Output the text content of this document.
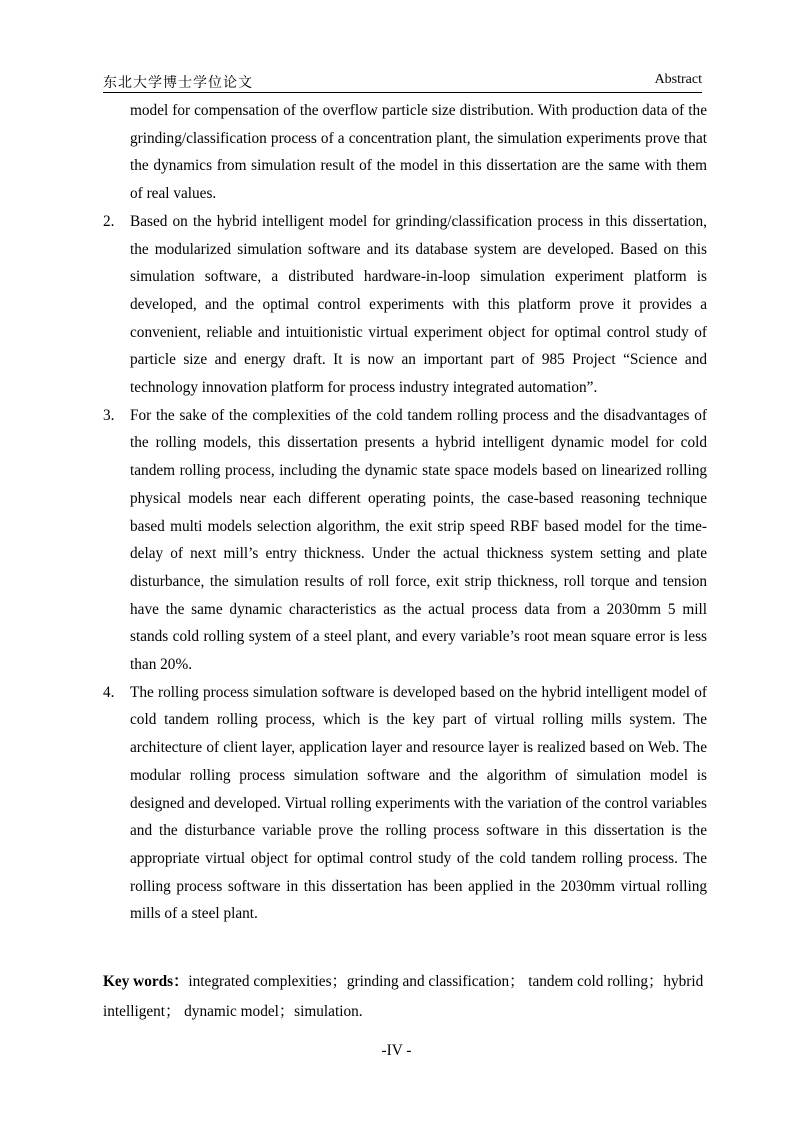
东北大学博士学位论文	Abstract

model for compensation of the overflow particle size distribution. With production data of the grinding/classification process of a concentration plant, the simulation experiments prove that the dynamics from simulation result of the model in this dissertation are the same with them of real values.

2. Based on the hybrid intelligent model for grinding/classification process in this dissertation, the modularized simulation software and its database system are developed. Based on this simulation software, a distributed hardware-in-loop simulation experiment platform is developed, and the optimal control experiments with this platform prove it provides a convenient, reliable and intuitionistic virtual experiment object for optimal control study of particle size and energy draft. It is now an important part of 985 Project “Science and technology innovation platform for process industry integrated automation”.

3. For the sake of the complexities of the cold tandem rolling process and the disadvantages of the rolling models, this dissertation presents a hybrid intelligent dynamic model for cold tandem rolling process, including the dynamic state space models based on linearized rolling physical models near each different operating points, the case-based reasoning technique based multi models selection algorithm, the exit strip speed RBF based model for the time-delay of next mill’s entry thickness. Under the actual thickness system setting and plate disturbance, the simulation results of roll force, exit strip thickness, roll torque and tension have the same dynamic characteristics as the actual process data from a 2030mm 5 mill stands cold rolling system of a steel plant, and every variable’s root mean square error is less than 20%.

4. The rolling process simulation software is developed based on the hybrid intelligent model of cold tandem rolling process, which is the key part of virtual rolling mills system. The architecture of client layer, application layer and resource layer is realized based on Web. The modular rolling process simulation software and the algorithm of simulation model is designed and developed. Virtual rolling experiments with the variation of the control variables and the disturbance variable prove the rolling process software in this dissertation is the appropriate virtual object for optimal control study of the cold tandem rolling process. The rolling process software in this dissertation has been applied in the 2030mm virtual rolling mills of a steel plant.

Key words：integrated complexities；grinding and classification； tandem cold rolling；hybrid intelligent； dynamic model；simulation.
-IV -
